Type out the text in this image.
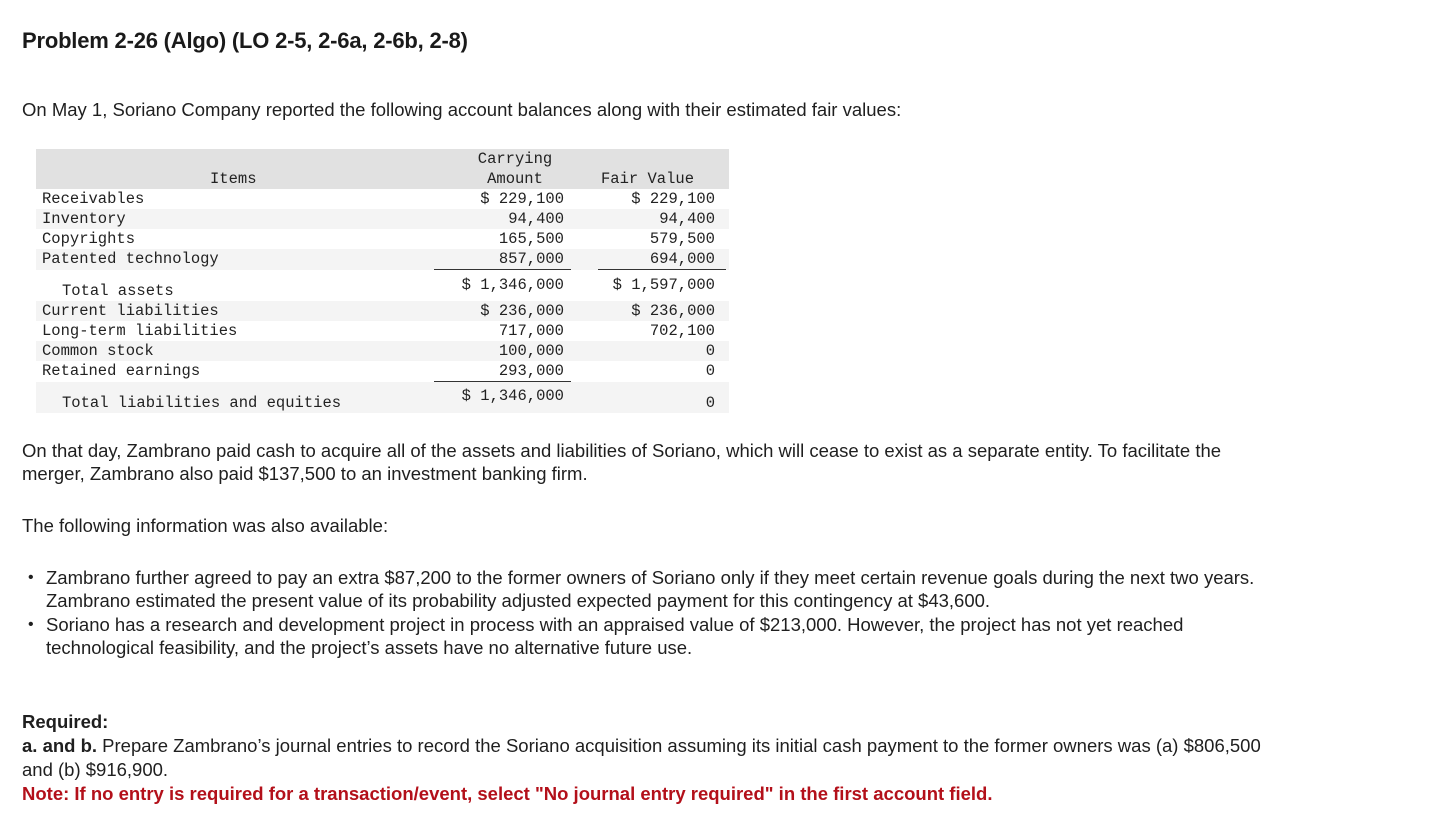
Problem 2-26 (Algo) (LO 2-5, 2-6a, 2-6b, 2-8)

On May 1, Soriano Company reported the following account balances along with their estimated fair values:

Items
Carrying
Amount	Fair Value
Receivables	$ 229,100	$ 229,100
Inventory	94,400	94,400
Copyrights	165,500	579,500
Patented technology	857,000	694,000
Total assets	$ 1,346,000	$ 1,597,000
Current liabilities	$ 236,000	$ 236,000
Long-term liabilities	717,000	702,100
Common stock	100,000	0
Retained earnings	293,000	0
Total liabilities and equities	$ 1,346,000	0

On that day, Zambrano paid cash to acquire all of the assets and liabilities of Soriano, which will cease to exist as a separate entity. To facilitate the merger, Zambrano also paid $137,500 to an investment banking firm.

The following information was also available:

• Zambrano further agreed to pay an extra $87,200 to the former owners of Soriano only if they meet certain revenue goals during the next two years. Zambrano estimated the present value of its probability adjusted expected payment for this contingency at $43,600.
• Soriano has a research and development project in process with an appraised value of $213,000. However, the project has not yet reached technological feasibility, and the project’s assets have no alternative future use.
Required:
a. and b. Prepare Zambrano’s journal entries to record the Soriano acquisition assuming its initial cash payment to the former owners was (a) $806,500 and (b) $916,900.
Note: If no entry is required for a transaction/event, select "No journal entry required" in the first account field.
